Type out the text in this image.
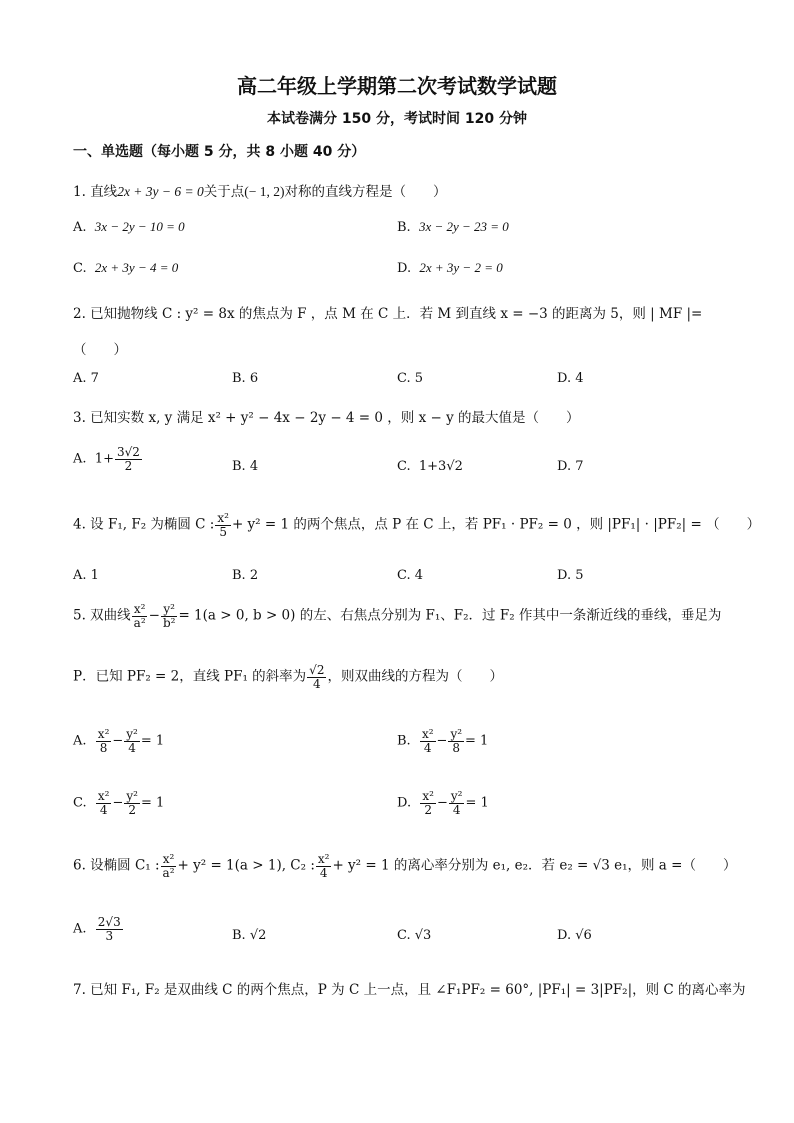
高二年级上学期第二次考试数学试题
本试卷满分 150 分，考试时间 120 分钟
一、单选题（每小题 5 分，共 8 小题 40 分）
1. 直线2x + 3y − 6 = 0关于点(− 1, 2)对称的直线方程是（　　）
A. 3x − 2y − 10 = 0	B. 3x − 2y − 23 = 0
C. 2x + 3y − 4 = 0	D. 2x + 3y − 2 = 0
2. 已知抛物线 C : y² = 8x 的焦点为 F ，点 M 在 C 上．若 M 到直线 x = −3 的距离为 5，则 | MF |=
（　　）
A. 7	B. 6	C. 5	D. 4
3. 已知实数 x, y 满足 x² + y² − 4x − 2y − 4 = 0 ，则 x − y 的最大值是（　　）
A. $1+ \frac{3√2}{2}$	B. 4	C. 1+3√2	D. 7
4. 设 F₁, F₂ 为椭圆 C : $\frac{\text{x²}}{5} + y^2 = 1$ 的两个焦点，点 P 在 C 上，若 PF₁ · PF₂ = 0 ，则 |PF₁| · |PF₂| = （　　）
A. 1	B. 2	C. 4	D. 5
5. 双曲线 $\frac{\text{x²}}{\text{a²}} - \frac{\text{y²}}{\text{b²}} = 1(a > 0$, b > 0) 的左、右焦点分别为 F₁、F₂．过 F₂ 作其中一条渐近线的垂线，垂足为
P．已知 PF₂ = 2，直线 PF₁ 的斜率为 $\frac{√2}{4}$ ，则双曲线的方程为（　　）
A. $\frac{\text{x²}}{8} - \frac{\text{y²}}{4} = 1$	B. $\frac{\text{x²}}{4} - \frac{\text{y²}}{8} = 1$
C. $\frac{\text{x²}}{4} - \frac{\text{y²}}{2} = 1$	D. $\frac{\text{x²}}{2} - \frac{\text{y²}}{4} = 1$
6. 设椭圆 C₁ : $\frac{\text{x²}}{\text{a²}} + y^2 = 1(a > 1)$, C₂ : $\frac{\text{x²}}{4} + y^2 = 1$ 的离心率分别为 e₁, e₂．若 e₂ = √3 e₁，则 a =（　　）
A. $\frac{2√3}{3}$	B. √2	C. √3	D. √6
7. 已知 F₁, F₂ 是双曲线 C 的两个焦点，P 为 C 上一点，且 ∠F₁PF₂ = 60°, |PF₁| = 3|PF₂|，则 C 的离心率为
